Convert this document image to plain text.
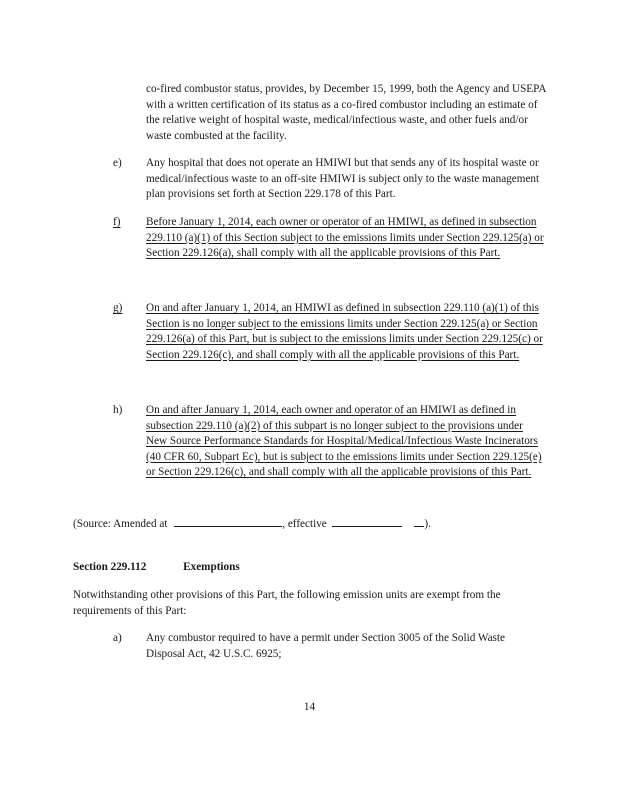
co-fired combustor status, provides, by December 15, 1999, both the Agency and USEPA with a written certification of its status as a co-fired combustor including an estimate of the relative weight of hospital waste, medical/infectious waste, and other fuels and/or waste combusted at the facility.

e)	Any hospital that does not operate an HMIWI but that sends any of its hospital waste or medical/infectious waste to an off-site HMIWI is subject only to the waste management plan provisions set forth at Section 229.178 of this Part.
f)	Before January 1, 2014, each owner or operator of an HMIWI, as defined in subsection 229.110 (a)(1) of this Section subject to the emissions limits under Section 229.125(a) or Section 229.126(a), shall comply with all the applicable provisions of this Part.
g)	On and after January 1, 2014, an HMIWI as defined in subsection 229.110 (a)(1) of this Section is no longer subject to the emissions limits under Section 229.125(a) or Section 229.126(a) of this Part, but is subject to the emissions limits under Section 229.125(c) or Section 229.126(c), and shall comply with all the applicable provisions of this Part.
h)	On and after January 1, 2014, each owner and operator of an HMIWI as defined in subsection 229.110 (a)(2) of this subpart is no longer subject to the provisions under New Source Performance Standards for Hospital/Medical/Infectious Waste Incinerators (40 CFR 60, Subpart Ec), but is subject to the emissions limits under Section 229.125(e) or Section 229.126(c), and shall comply with all the applicable provisions of this Part.
(Source: Amended at	, effective	).
Section 229.112	Exemptions

Notwithstanding other provisions of this Part, the following emission units are exempt from the requirements of this Part:

a)	Any combustor required to have a permit under Section 3005 of the Solid Waste Disposal Act, 42 U.S.C. 6925;
14
